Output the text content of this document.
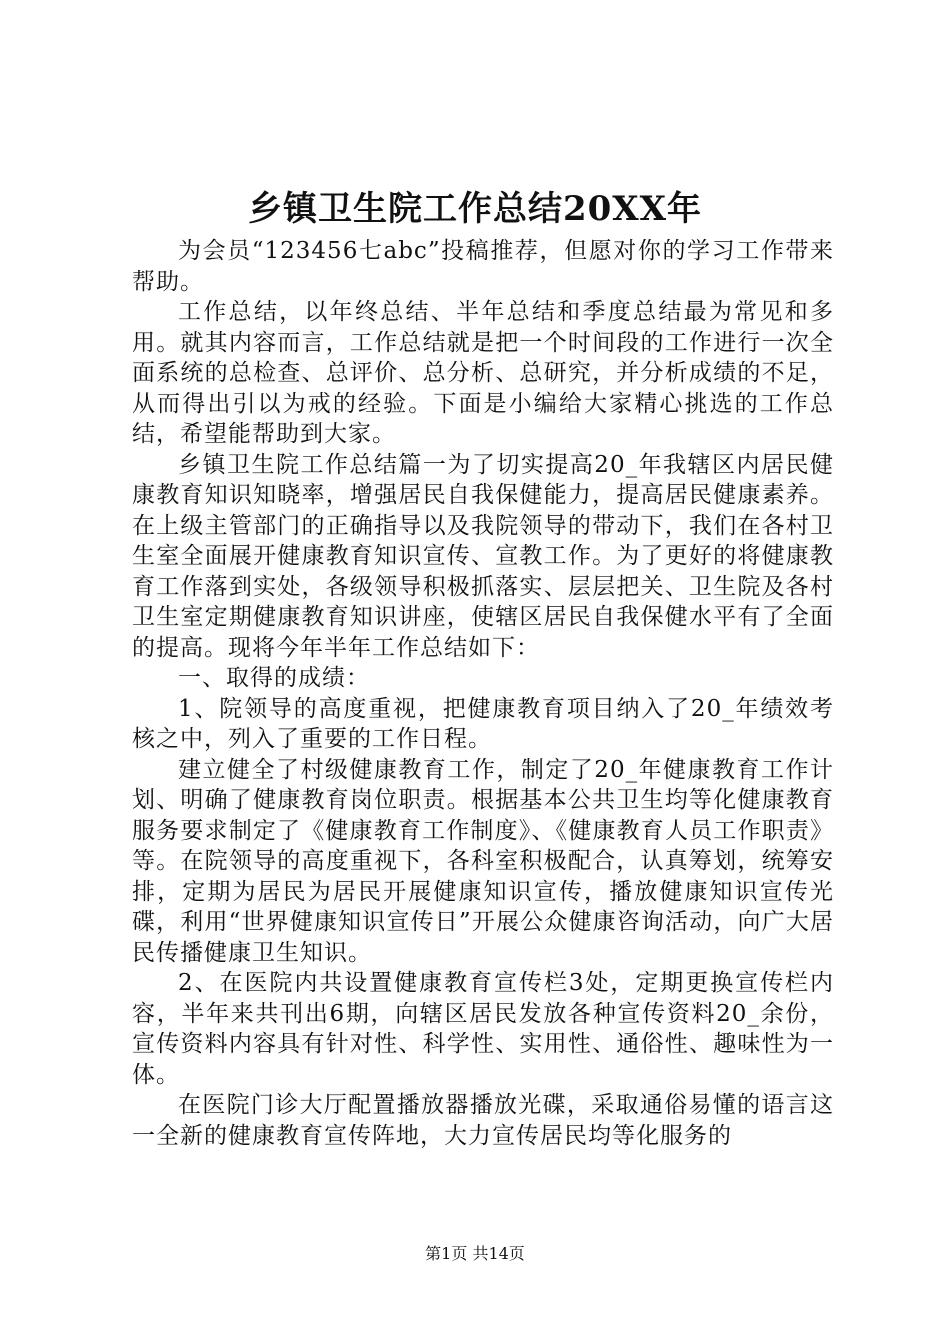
乡镇卫生院工作总结20XX年

为会员“123456七abc”投稿推荐，但愿对你的学习工作带来帮助。

工作总结，以年终总结、半年总结和季度总结最为常见和多用。就其内容而言，工作总结就是把一个时间段的工作进行一次全面系统的总检查、总评价、总分析、总研究，并分析成绩的不足，从而得出引以为戒的经验。下面是小编给大家精心挑选的工作总结，希望能帮助到大家。

乡镇卫生院工作总结篇一为了切实提高20_年我辖区内居民健康教育知识知晓率，增强居民自我保健能力，提高居民健康素养。在上级主管部门的正确指导以及我院领导的带动下，我们在各村卫生室全面展开健康教育知识宣传、宣教工作。为了更好的将健康教育工作落到实处，各级领导积极抓落实、层层把关、卫生院及各村卫生室定期健康教育知识讲座，使辖区居民自我保健水平有了全面的提高。现将今年半年工作总结如下：

一、取得的成绩：

1、院领导的高度重视，把健康教育项目纳入了20_年绩效考核之中，列入了重要的工作日程。

建立健全了村级健康教育工作，制定了20_年健康教育工作计划、明确了健康教育岗位职责。根据基本公共卫生均等化健康教育服务要求制定了《健康教育工作制度》、《健康教育人员工作职责》等。在院领导的高度重视下，各科室积极配合，认真筹划，统筹安排，定期为居民为居民开展健康知识宣传，播放健康知识宣传光碟，利用“世界健康知识宣传日”开展公众健康咨询活动，向广大居民传播健康卫生知识。

2、在医院内共设置健康教育宣传栏3处，定期更换宣传栏内容，半年来共刊出6期，向辖区居民发放各种宣传资料20_余份，宣传资料内容具有针对性、科学性、实用性、通俗性、趣味性为一体。

在医院门诊大厅配置播放器播放光碟，采取通俗易懂的语言这一全新的健康教育宣传阵地，大力宣传居民均等化服务的

第1页 共14页
